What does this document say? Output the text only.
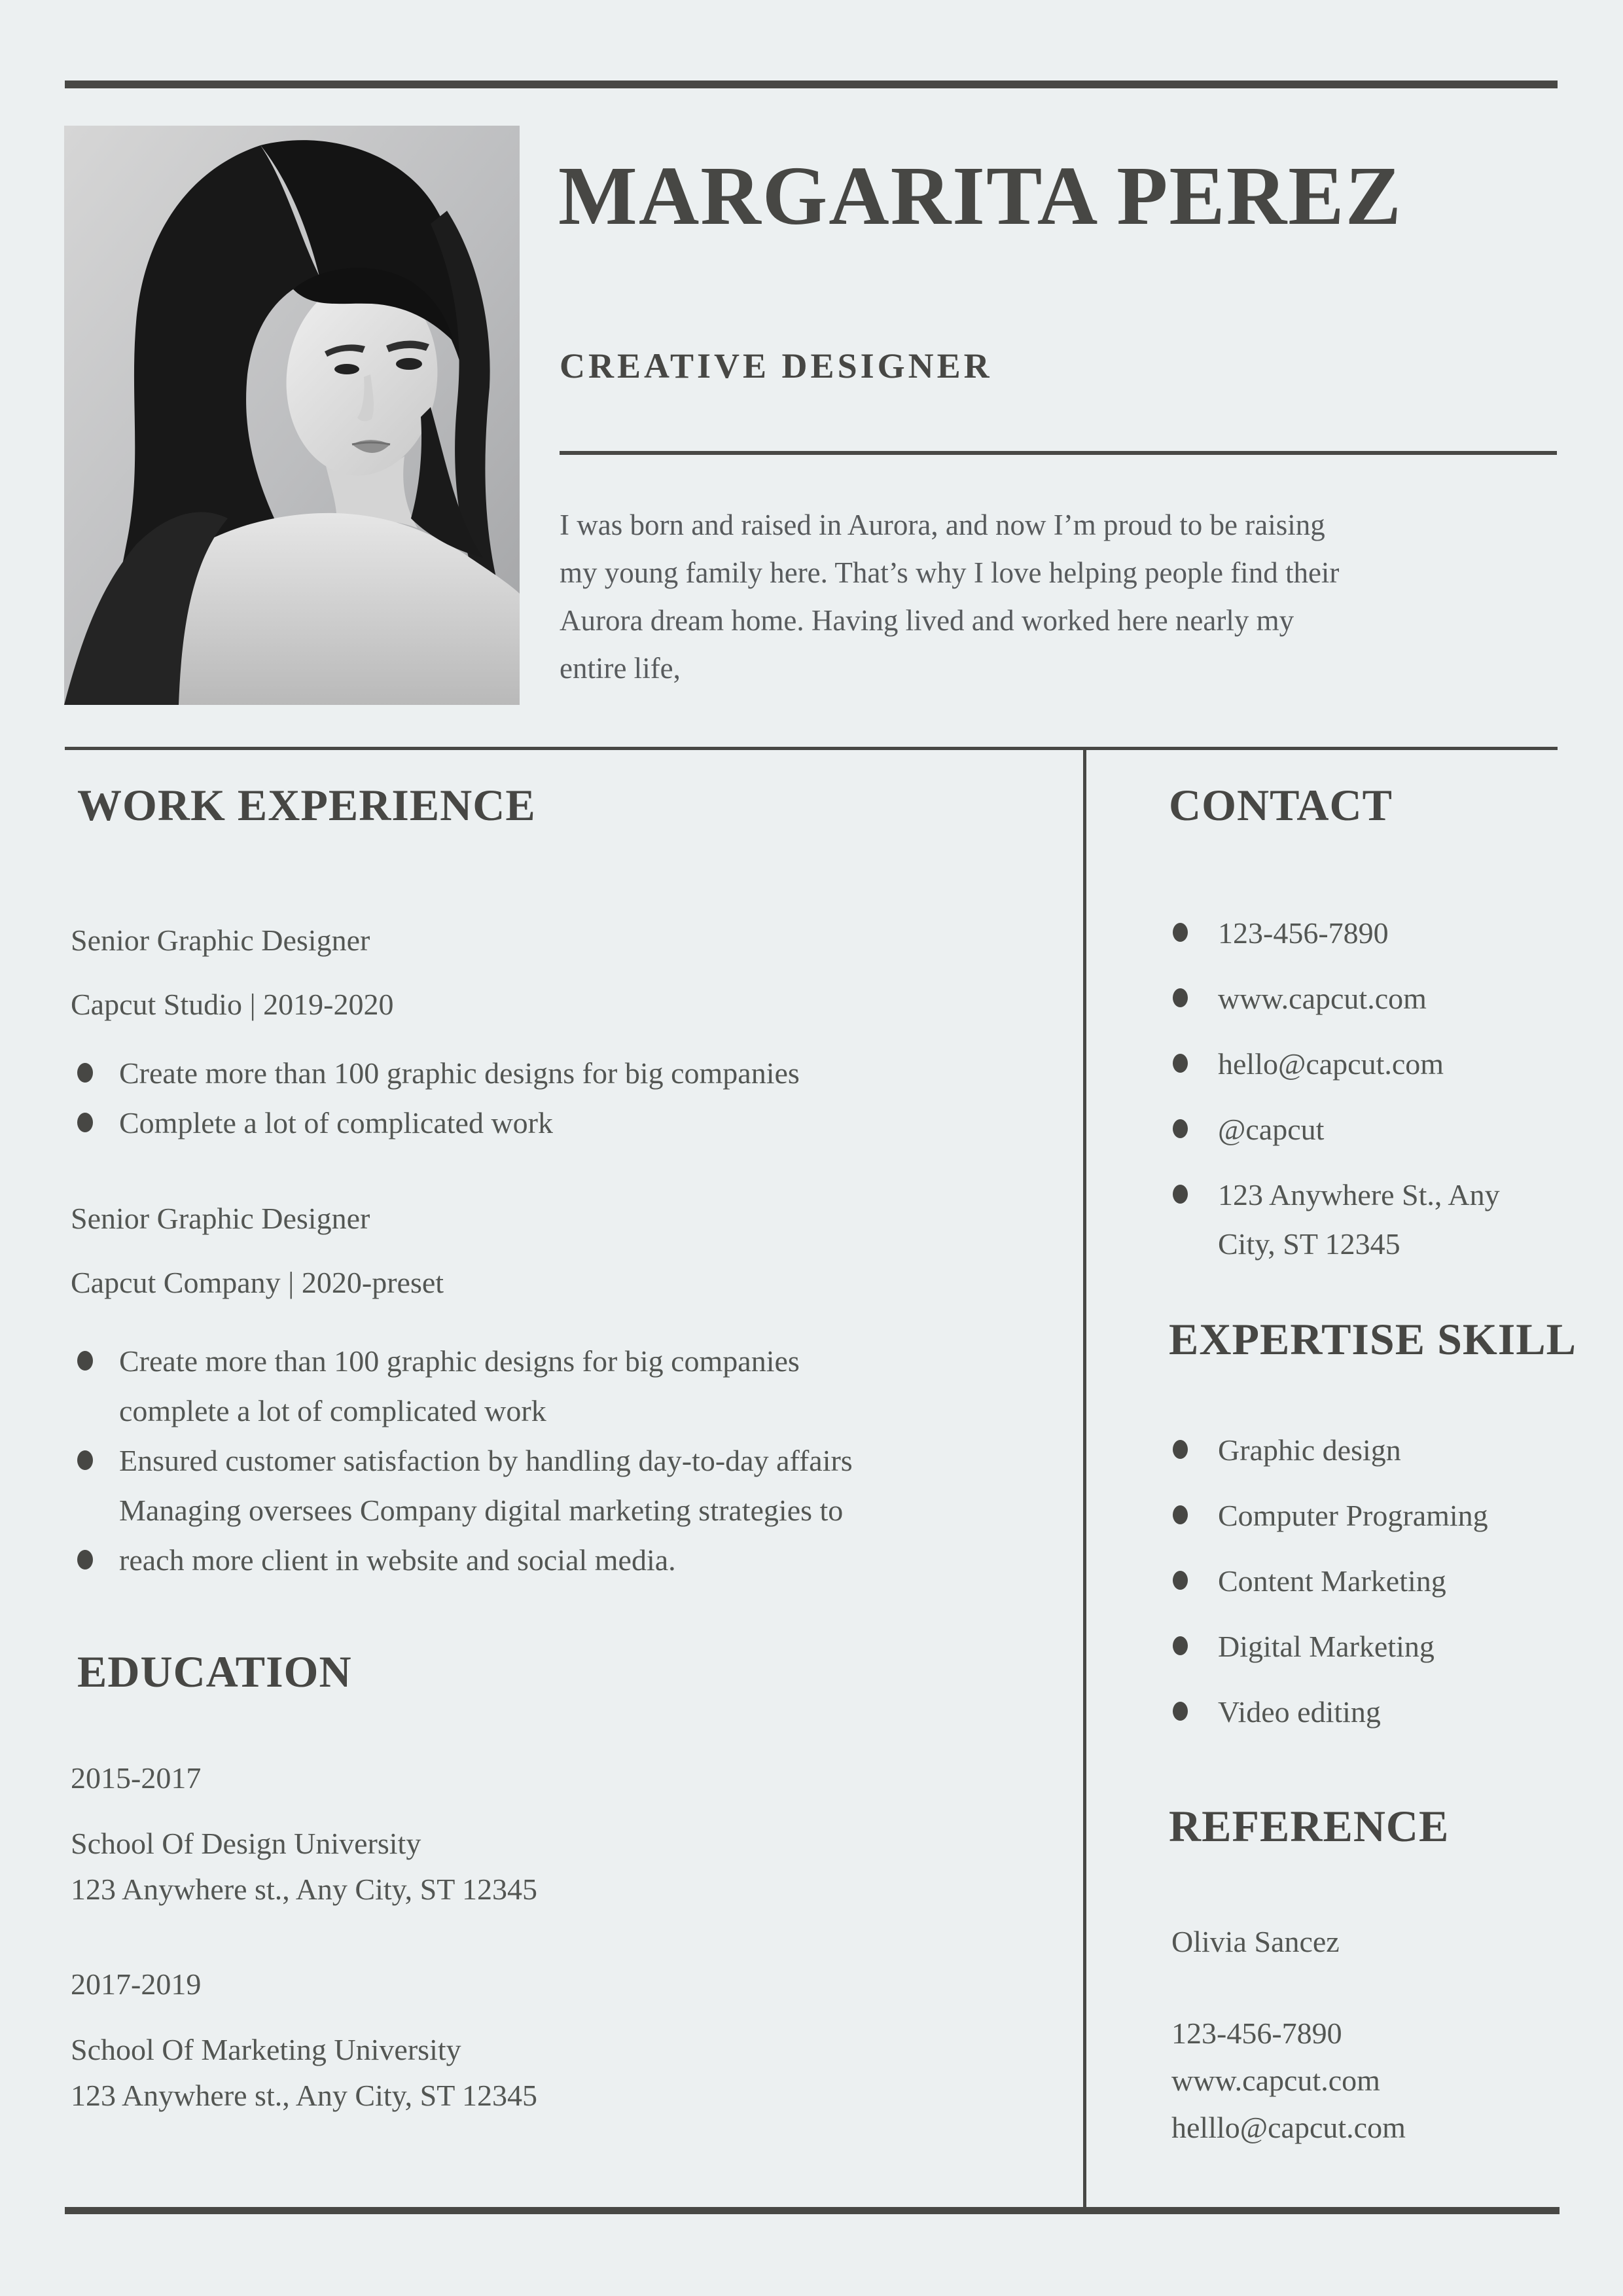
MARGARITA PEREZ
CREATIVE DESIGNER
I was born and raised in Aurora, and now I’m proud to be raising
my young family here. That’s why I love helping people find their
Aurora dream home. Having lived and worked here nearly my
entire life,
WORK EXPERIENCE
Senior Graphic Designer
Capcut Studio | 2019-2020
Create more than 100 graphic designs for big companies
Complete a lot of complicated work
Senior Graphic Designer
Capcut Company | 2020-preset
Create more than 100 graphic designs for big companies
complete a lot of complicated work
Ensured customer satisfaction by handling day-to-day affairs
Managing oversees Company digital marketing strategies to
reach more client in website and social media.
EDUCATION
2015-2017
School Of Design University
123 Anywhere st., Any City, ST 12345
2017-2019
School Of Marketing University
123 Anywhere st., Any City, ST 12345
CONTACT
123-456-7890
www.capcut.com
hello@capcut.com
@capcut
123 Anywhere St., Any
City, ST 12345
EXPERTISE SKILL
Graphic design
Computer Programing
Content Marketing
Digital Marketing
Video editing
REFERENCE
Olivia Sancez
123-456-7890
www.capcut.com
helllo@capcut.com
